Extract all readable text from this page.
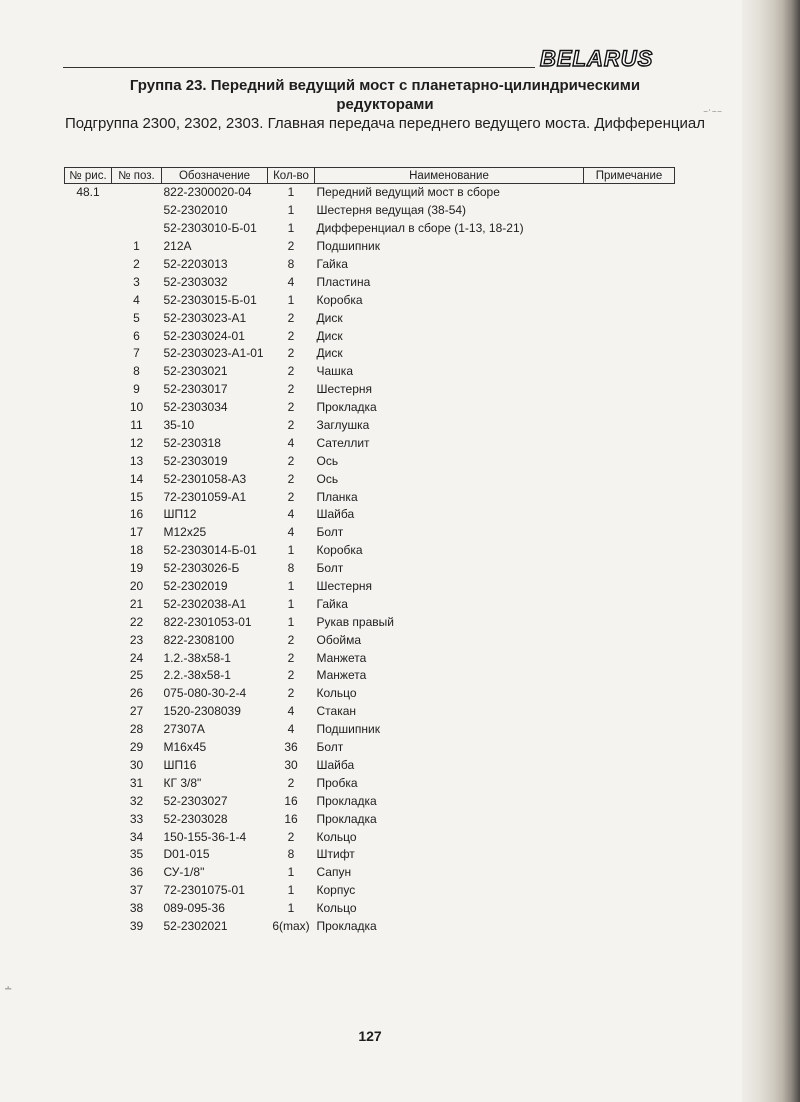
BELARUS
Группа 23. Передний ведущий мост с планетарно-цилиндрическими редукторами
Подгруппа 2300, 2302, 2303. Главная передача переднего ведущего моста. Дифференциал
№ рис.	№ поз.	Обозначение	Кол-во	Наименование	Примечание
48.1		822-2300020-04	1	Передний ведущий мост в сборе	
		52-2302010	1	Шестерня ведущая (38-54)	
		52-2303010-Б-01	1	Дифференциал в сборе (1-13, 18-21)	
	1	212А	2	Подшипник	
	2	52-2203013	8	Гайка	
	3	52-2303032	4	Пластина	
	4	52-2303015-Б-01	1	Коробка	
	5	52-2303023-А1	2	Диск	
	6	52-2303024-01	2	Диск	
	7	52-2303023-А1-01	2	Диск	
	8	52-2303021	2	Чашка	
	9	52-2303017	2	Шестерня	
	10	52-2303034	2	Прокладка	
	11	35-10	2	Заглушка	
	12	52-230318	4	Сателлит	
	13	52-2303019	2	Ось	
	14	52-2301058-А3	2	Ось	
	15	72-2301059-А1	2	Планка	
	16	ШП12	4	Шайба	
	17	М12х25	4	Болт	
	18	52-2303014-Б-01	1	Коробка	
	19	52-2303026-Б	8	Болт	
	20	52-2302019	1	Шестерня	
	21	52-2302038-А1	1	Гайка	
	22	822-2301053-01	1	Рукав правый	
	23	822-2308100	2	Обойма	
	24	1.2.-38х58-1	2	Манжета	
	25	2.2.-38х58-1	2	Манжета	
	26	075-080-30-2-4	2	Кольцо	
	27	1520-2308039	4	Стакан	
	28	27307А	4	Подшипник	
	29	М16х45	36	Болт	
	30	ШП16	30	Шайба	
	31	КГ 3/8"	2	Пробка	
	32	52-2303027	16	Прокладка	
	33	52-2303028	16	Прокладка	
	34	150-155-36-1-4	2	Кольцо	
	35	D01-015	8	Штифт	
	36	СУ-1/8"	1	Сапун	
	37	72-2301075-01	1	Корпус	
	38	089-095-36	1	Кольцо	
	39	52-2302021	6(max)	Прокладка	
127
⁻˙⁻⁻
∸
